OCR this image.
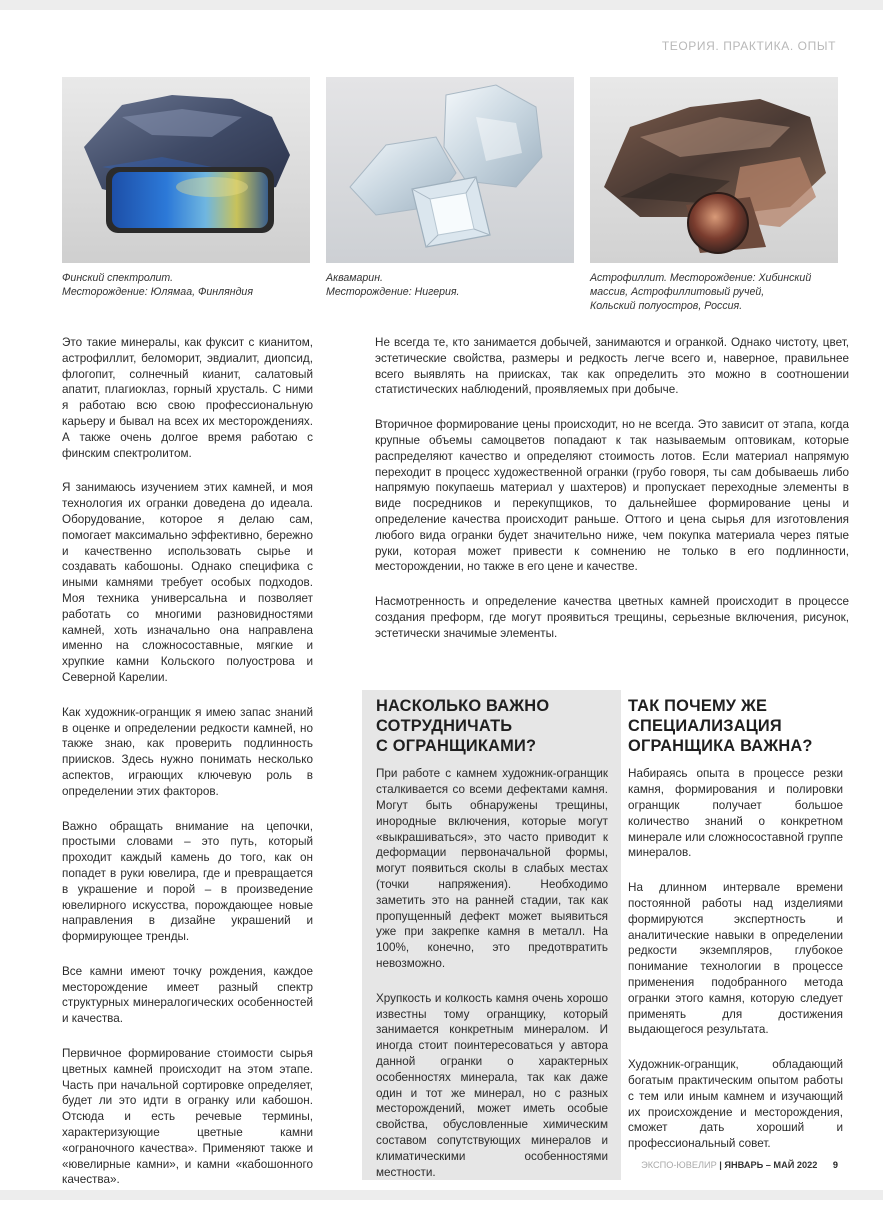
ТЕОРИЯ. ПРАКТИКА. ОПЫТ
Финский спектролит.
Месторождение: Юлямаа, Финляндия
Аквамарин.
Месторождение: Нигерия.
Астрофиллит. Месторождение: Хибинский
массив, Астрофиллитовый ручей,
Кольский полуостров, Россия.

Это такие минералы, как фуксит с кианитом, астрофиллит, беломорит, эвдиалит, диопсид, флогопит, солнечный кианит, салатовый апатит, плагиоклаз, горный хрусталь. С ними я работаю всю свою профессиональную карьеру и бывал на всех их месторождениях. А также очень долгое время работаю с финским спектролитом.

Я занимаюсь изучением этих камней, и моя технология их огранки доведена до идеала. Оборудование, которое я делаю сам, помогает максимально эффективно, бережно и качественно использовать сырье и создавать кабошоны. Однако специфика с иными камнями требует особых подходов. Моя техника универсальна и позволяет работать со многими разновидностями камней, хоть изначально она направлена именно на сложносоставные, мягкие и хрупкие камни Кольского полуострова и Северной Карелии.

Как художник-огранщик я имею запас знаний в оценке и определении редкости камней, но также знаю, как проверить подлинность приисков. Здесь нужно понимать несколько аспектов, играющих ключевую роль в определении этих факторов.

Важно обращать внимание на цепочки, простыми словами – это путь, который проходит каждый камень до того, как он попадет в руки ювелира, где и превращается в украшение и порой – в произведение ювелирного искусства, порождающее новые направления в дизайне украшений и формирующее тренды.

Все камни имеют точку рождения, каждое месторождение имеет разный спектр структурных минералогических особенностей и качества.

Первичное формирование стоимости сырья цветных камней происходит на этом этапе. Часть при начальной сортировке определяет, будет ли это идти в огранку или кабошон. Отсюда и есть речевые термины, характеризующие цветные камни «ограночного качества». Применяют также и «ювелирные камни», и камни «кабошонного качества».

Не всегда те, кто занимается добычей, занимаются и огранкой. Однако чистоту, цвет, эстетические свойства, размеры и редкость легче всего и, наверное, правильнее всего выявлять на приисках, так как определить это можно в соотношении статистических наблюдений, проявляемых при добыче.

Вторичное формирование цены происходит, но не всегда. Это зависит от этапа, когда крупные объемы самоцветов попадают к так называемым оптовикам, которые распределяют качество и определяют стоимость лотов. Если материал напрямую переходит в процесс художественной огранки (грубо говоря, ты сам добываешь либо напрямую покупаешь материал у шахтеров) и пропускает переходные элементы в виде посредников и перекупщиков, то дальнейшее формирование цены и определение качества происходит раньше. Оттого и цена сырья для изготовления любого вида огранки будет значительно ниже, чем покупка материала через пятые руки, которая может привести к сомнению не только в его подлинности, месторождении, но также в его цене и качестве.

Насмотренность и определение качества цветных камней происходит в процессе создания преформ, где могут проявиться трещины, серьезные включения, рисунок, эстетически значимые элементы.

НАСКОЛЬКО ВАЖНО
СОТРУДНИЧАТЬ
С ОГРАНЩИКАМИ?

При работе с камнем художник-огранщик сталкивается со всеми дефектами камня. Могут быть обнаружены трещины, инородные включения, которые могут «выкрашиваться», это часто приводит к деформации первоначальной формы, могут появиться сколы в слабых местах (точки напряжения). Необходимо заметить это на ранней стадии, так как пропущенный дефект может выявиться уже при закрепке камня в металл. На 100%, конечно, это предотвратить невозможно.

Хрупкость и колкость камня очень хорошо известны тому огранщику, который занимается конкретным минералом. И иногда стоит поинтересоваться у автора данной огранки о характерных особенностях минерала, так как даже один и тот же минерал, но с разных месторождений, может иметь особые свойства, обусловленные химическим составом сопутствующих минералов и климатическими особенностями местности.

ТАК ПОЧЕМУ ЖЕ
СПЕЦИАЛИЗАЦИЯ
ОГРАНЩИКА ВАЖНА?

Набираясь опыта в процессе резки камня, формирования и полировки огранщик получает большое количество знаний о конкретном минерале или сложносоставной группе минералов.

На длинном интервале времени постоянной работы над изделиями формируются экспертность и аналитические навыки в определении редкости экземпляров, глубокое понимание технологии в процессе применения подобранного метода огранки этого камня, которую следует применять для достижения выдающегося результата.

Художник-огранщик, обладающий богатым практическим опытом работы с тем или иным камнем и изучающий их происхождение и месторождения, сможет дать хороший и профессиональный совет.

ЭКСПО-ЮВЕЛИР | ЯНВАРЬ – МАЙ 2022 9
